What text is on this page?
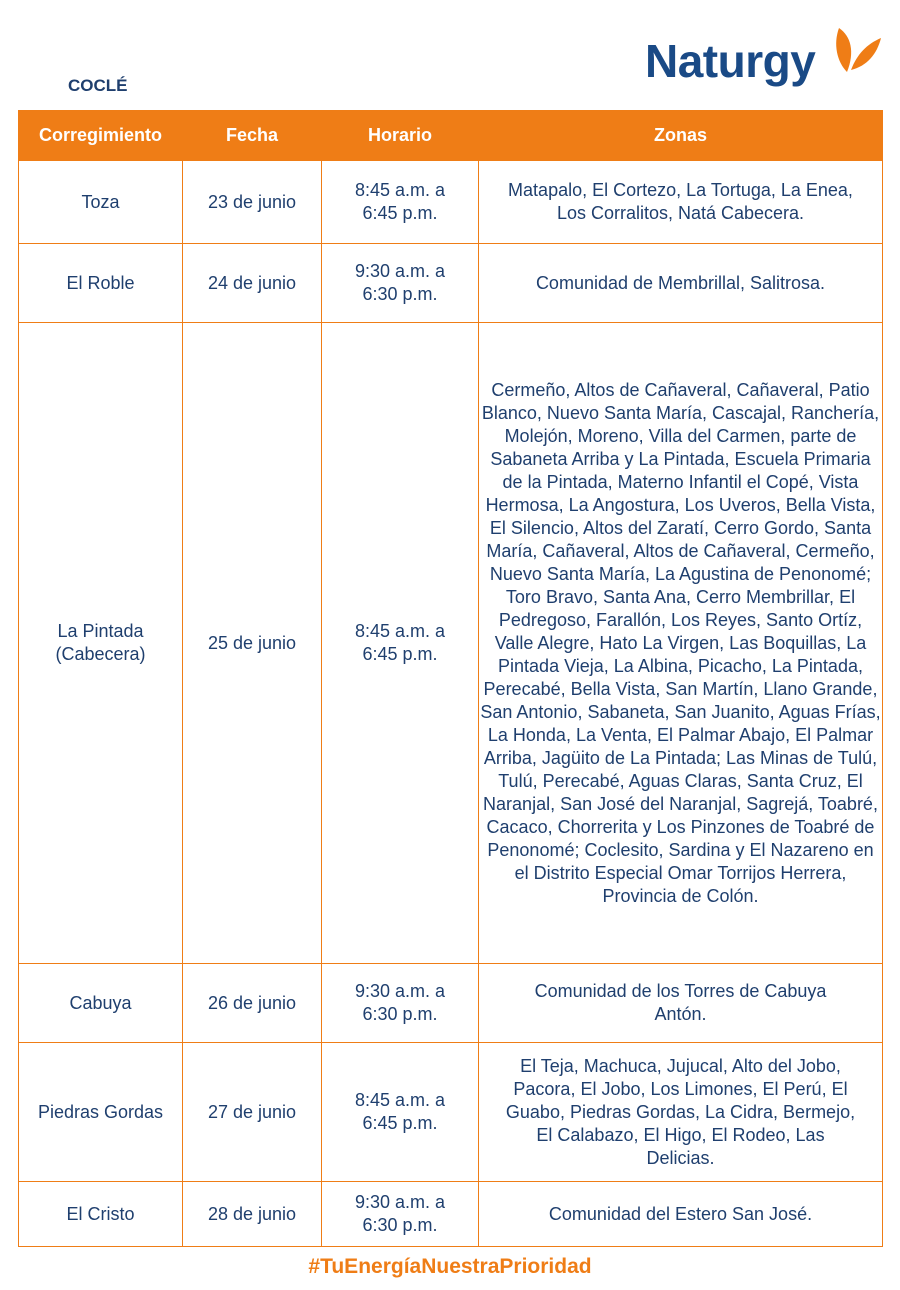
COCLÉ	Naturgy
Corregimiento	Fecha	Horario	Zonas
Toza	23 de junio	8:45 a.m. a 6:45 p.m.	Matapalo, El Cortezo, La Tortuga, La Enea, Los Corralitos, Natá Cabecera.
El Roble	24 de junio	9:30 a.m. a 6:30 p.m.	Comunidad de Membrillal, Salitrosa.
La Pintada (Cabecera)	25 de junio	8:45 a.m. a 6:45 p.m.	Cermeño, Altos de Cañaveral, Cañaveral, Patio Blanco, Nuevo Santa María, Cascajal, Ranchería, Molejón, Moreno, Villa del Carmen, parte de Sabaneta Arriba y La Pintada, Escuela Primaria de la Pintada, Materno Infantil el Copé, Vista Hermosa, La Angostura, Los Uveros, Bella Vista, El Silencio, Altos del Zaratí, Cerro Gordo, Santa María, Cañaveral, Altos de Cañaveral, Cermeño, Nuevo Santa María, La Agustina de Penonomé; Toro Bravo, Santa Ana, Cerro Membrillar, El Pedregoso, Farallón, Los Reyes, Santo Ortíz, Valle Alegre, Hato La Virgen, Las Boquillas, La Pintada Vieja, La Albina, Picacho, La Pintada, Perecabé, Bella Vista, San Martín, Llano Grande, San Antonio, Sabaneta, San Juanito, Aguas Frías, La Honda, La Venta, El Palmar Abajo, El Palmar Arriba, Jagüito de La Pintada; Las Minas de Tulú, Tulú, Perecabé, Aguas Claras, Santa Cruz, El Naranjal, San José del Naranjal, Sagrejá, Toabré, Cacaco, Chorrerita y Los Pinzones de Toabré de Penonomé; Coclesito, Sardina y El Nazareno en el Distrito Especial Omar Torrijos Herrera, Provincia de Colón.
Cabuya	26 de junio	9:30 a.m. a 6:30 p.m.	Comunidad de los Torres de Cabuya Antón.
Piedras Gordas	27 de junio	8:45 a.m. a 6:45 p.m.	El Teja, Machuca, Jujucal, Alto del Jobo, Pacora, El Jobo, Los Limones, El Perú, El Guabo, Piedras Gordas, La Cidra, Bermejo, El Calabazo, El Higo, El Rodeo, Las Delicias.
El Cristo	28 de junio	9:30 a.m. a 6:30 p.m.	Comunidad del Estero San José.
#TuEnergíaNuestraPrioridad
